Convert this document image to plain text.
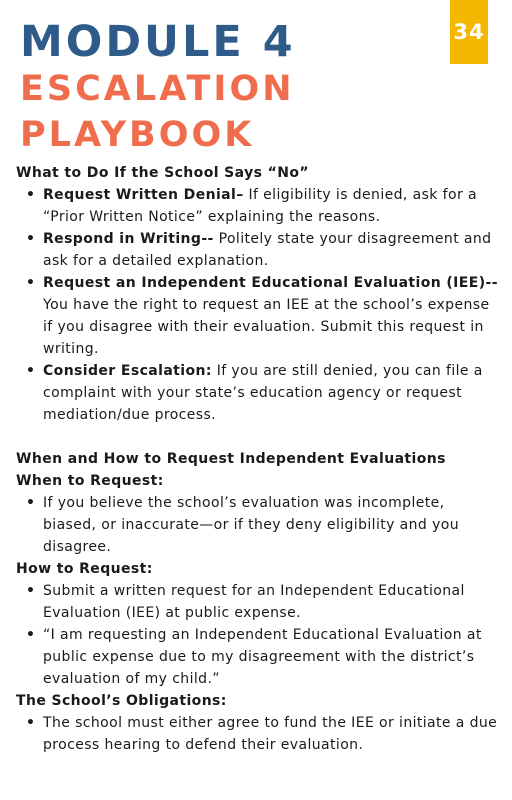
34
MODULE 4
ESCALATION
PLAYBOOK

What to Do If the School Says “No”

• Request Written Denial– If eligibility is denied, ask for a “Prior Written Notice” explaining the reasons.
• Respond in Writing-- Politely state your disagreement and ask for a detailed explanation.
• Request an Independent Educational Evaluation (IEE)--
You have the right to request an IEE at the school’s expense if you disagree with their evaluation. Submit this request in writing.
• Consider Escalation: If you are still denied, you can file a complaint with your state’s education agency or request mediation/due process.

When and How to Request Independent Evaluations

When to Request:

• If you believe the school’s evaluation was incomplete, biased, or inaccurate—or if they deny eligibility and you disagree.

How to Request:

• Submit a written request for an Independent Educational Evaluation (IEE) at public expense.
• “I am requesting an Independent Educational Evaluation at public expense due to my disagreement with the district’s evaluation of my child.”

The School’s Obligations:

• The school must either agree to fund the IEE or initiate a due process hearing to defend their evaluation.
